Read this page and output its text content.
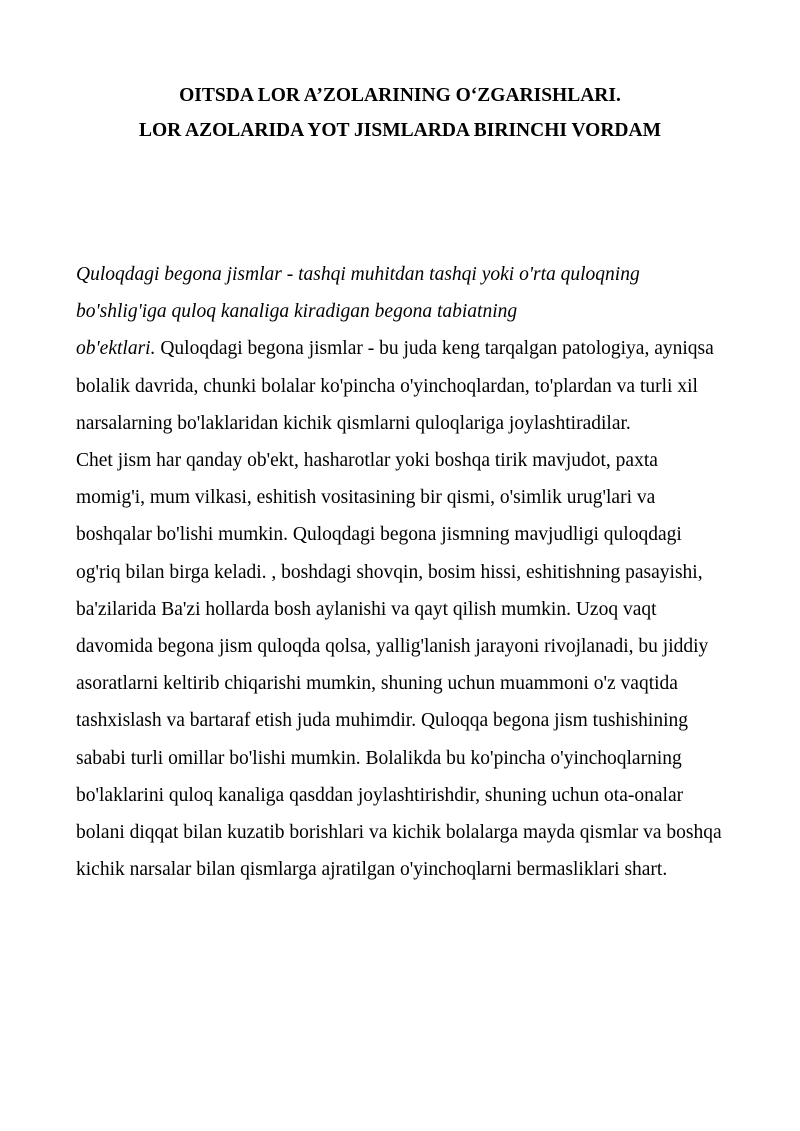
OITSDA LOR A’ZOLARINING O‘ZGARISHLARI.
LOR AZOLARIDA YOT JISMLARDA BIRINCHI VORDAM

Quloqdagi begona jismlar - tashqi muhitdan tashqi yoki o'rta quloqning
bo'shlig'iga quloq kanaliga kiradigan begona tabiatning
ob'ektlari. Quloqdagi begona jismlar - bu juda keng tarqalgan patologiya, ayniqsa bolalik davrida, chunki bolalar ko'pincha o'yinchoqlardan, to'plardan va turli xil narsalarning bo'laklaridan kichik qismlarni quloqlariga joylashtiradilar.

Chet jism har qanday ob'ekt, hasharotlar yoki boshqa tirik mavjudot, paxta momig'i, mum vilkasi, eshitish vositasining bir qismi, o'simlik urug'lari va boshqalar bo'lishi mumkin. Quloqdagi begona jismning mavjudligi quloqdagi og'riq bilan birga keladi. , boshdagi shovqin, bosim hissi, eshitishning pasayishi, ba'zilarida Ba'zi hollarda bosh aylanishi va qayt qilish mumkin. Uzoq vaqt davomida begona jism quloqda qolsa, yallig'lanish jarayoni rivojlanadi, bu jiddiy asoratlarni keltirib chiqarishi mumkin, shuning uchun muammoni o'z vaqtida tashxislash va bartaraf etish juda muhimdir. Quloqqa begona jism tushishining sababi turli omillar bo'lishi mumkin. Bolalikda bu ko'pincha o'yinchoqlarning bo'laklarini quloq kanaliga qasddan joylashtirishdir, shuning uchun ota-onalar bolani diqqat bilan kuzatib borishlari va kichik bolalarga mayda qismlar va boshqa kichik narsalar bilan qismlarga ajratilgan o'yinchoqlarni bermasliklari shart.
